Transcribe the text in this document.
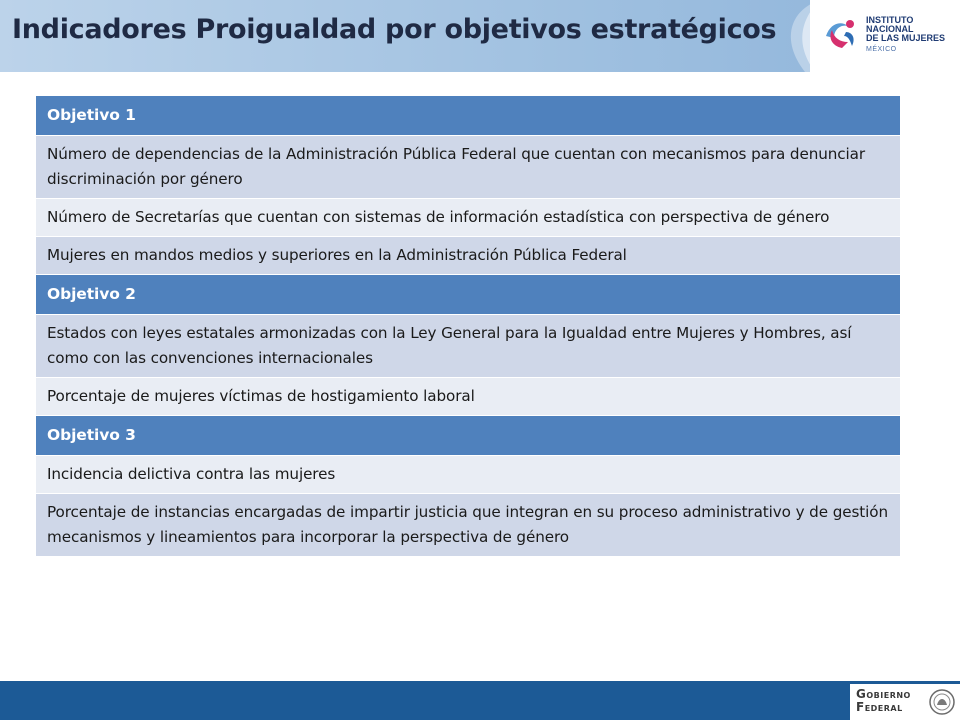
Indicadores Proigualdad por objetivos estratégicos	INSTITUTO NACIONAL
DE LAS MUJERES
MÉXICO
Objetivo 1
Número de dependencias de la Administración Pública Federal que cuentan con mecanismos para denunciar discriminación por género
Número de Secretarías que cuentan con sistemas de información estadística con perspectiva de género
Mujeres en mandos medios y superiores en la Administración Pública Federal
Objetivo 2
Estados con leyes estatales armonizadas con la Ley General para la Igualdad entre Mujeres y Hombres, así como con las convenciones internacionales
Porcentaje de mujeres víctimas de hostigamiento laboral
Objetivo 3
Incidencia delictiva contra las mujeres
Porcentaje de instancias encargadas de impartir justicia que integran en su proceso administrativo y de gestión mecanismos y lineamientos para incorporar la perspectiva de género
Gobierno
Federal
